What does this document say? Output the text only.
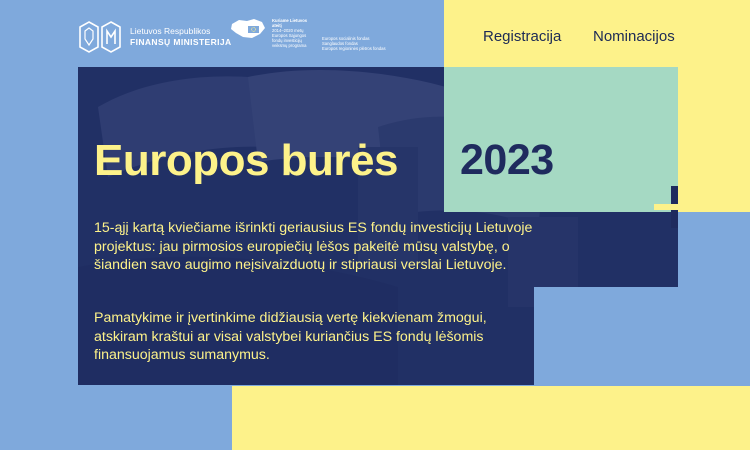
Lietuvos Respublikos
FINANSŲ MINISTERIJA
Kuriame Lietuvos
ateitį
2014–2020 metų
Europos Sąjungos
fondų investicijų
veiksmų programa
Europos socialinis fondas
Sanglaudos fondas
Europos regioninės plėtros fondas
Registracija Nominacijos
2023
Europos burės

15-ąjį kartą kviečiame išrinkti geriausius ES fondų investicijų Lietuvoje projektus: jau pirmosios europiečių lėšos pakeitė mūsų valstybę, o šiandien savo augimo neįsivaizduotų ir stipriausi verslai Lietuvoje.

Pamatykime ir įvertinkime didžiausią vertę kiekvienam žmogui, atskiram kraštui ar visai valstybei kuriančius ES fondų lėšomis finansuojamus sumanymus.
